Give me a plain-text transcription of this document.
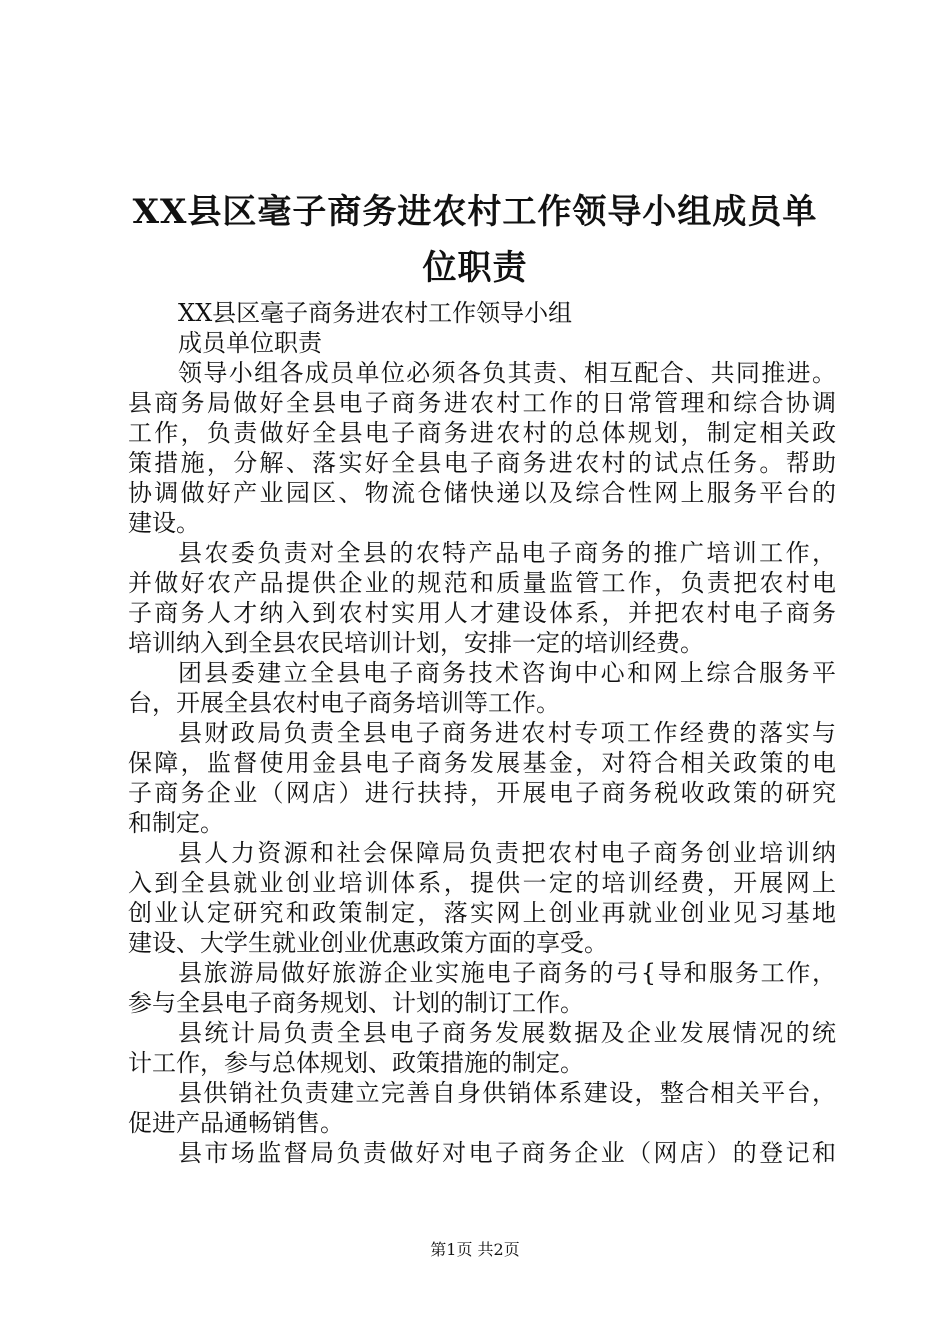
XX县区毫子商务进农村工作领导小组成员单
位职责
XX县区毫子商务进农村工作领导小组
成员单位职责
领导小组各成员单位必须各负其责、相互配合、共同推进。
县商务局做好全县电子商务进农村工作的日常管理和综合协调
工作，负责做好全县电子商务进农村的总体规划，制定相关政
策措施，分解、落实好全县电子商务进农村的试点任务。帮助
协调做好产业园区、物流仓储快递以及综合性网上服务平台的
建设。
县农委负责对全县的农特产品电子商务的推广培训工作，
并做好农产品提供企业的规范和质量监管工作，负责把农村电
子商务人才纳入到农村实用人才建设体系，并把农村电子商务
培训纳入到全县农民培训计划，安排一定的培训经费。
团县委建立全县电子商务技术咨询中心和网上综合服务平
台，开展全县农村电子商务培训等工作。
县财政局负责全县电子商务进农村专项工作经费的落实与
保障，监督使用金县电子商务发展基金，对符合相关政策的电
子商务企业（网店）进行扶持，开展电子商务税收政策的研究
和制定。
县人力资源和社会保障局负责把农村电子商务创业培训纳
入到全县就业创业培训体系，提供一定的培训经费，开展网上
创业认定研究和政策制定，落实网上创业再就业创业见习基地
建设、大学生就业创业优惠政策方面的享受。
县旅游局做好旅游企业实施电子商务的弓{导和服务工作，
参与全县电子商务规划、计划的制订工作。
县统计局负责全县电子商务发展数据及企业发展情况的统
计工作，参与总体规划、政策措施的制定。
县供销社负责建立完善自身供销体系建设，整合相关平台，
促进产品通畅销售。
县市场监督局负责做好对电子商务企业（网店）的登记和
第1页 共2页
